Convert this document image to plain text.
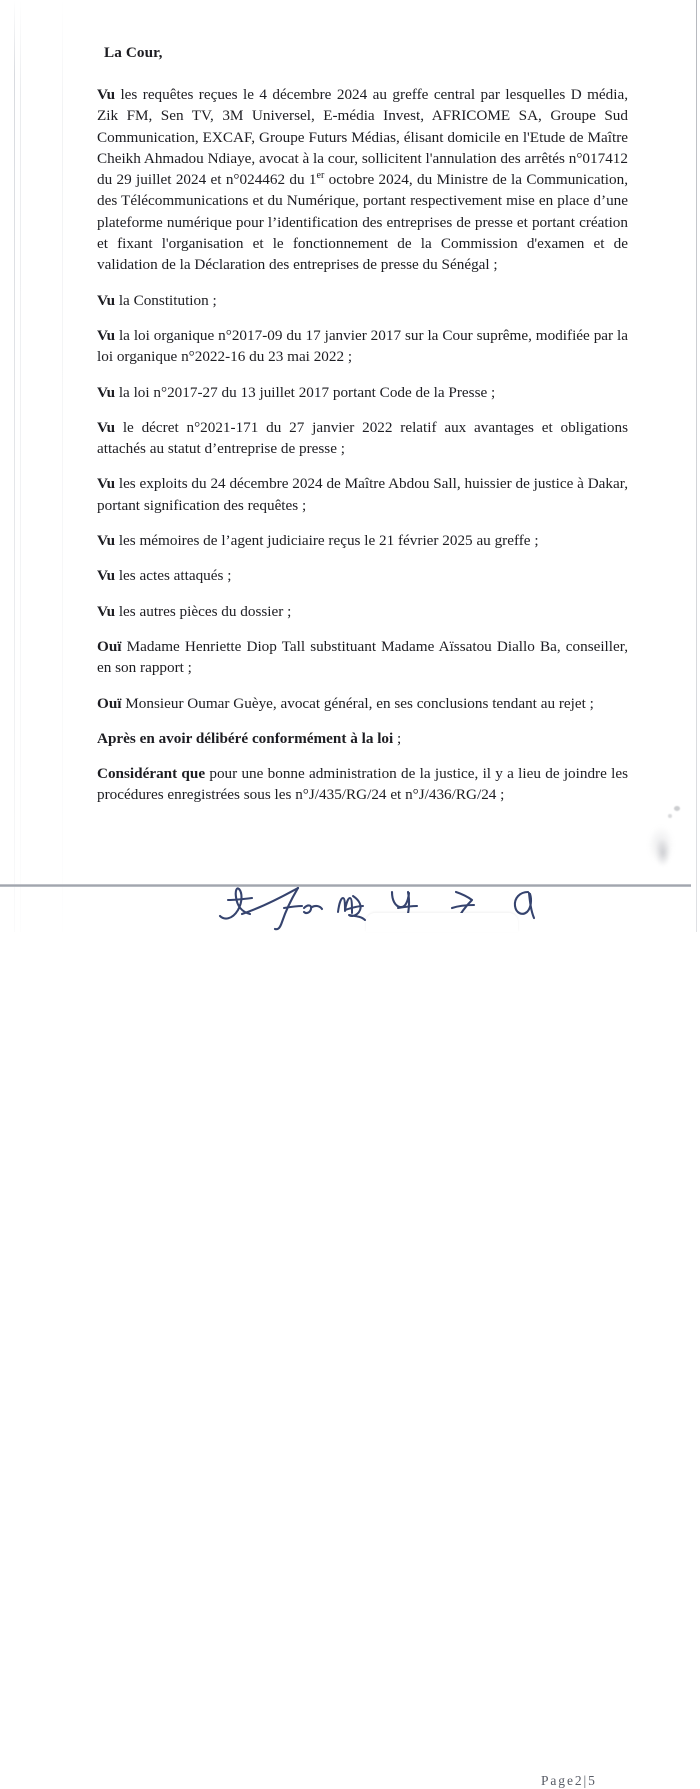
La Cour,

Vu les requêtes reçues le 4 décembre 2024 au greffe central par lesquelles D média, Zik FM, Sen TV, 3M Universel, E-média Invest, AFRICOME SA, Groupe Sud Communication, EXCAF, Groupe Futurs Médias, élisant domicile en l'Etude de Maître Cheikh Ahmadou Ndiaye, avocat à la cour, sollicitent l'annulation des arrêtés n°017412 du 29 juillet 2024 et n°024462 du 1er octobre 2024, du Ministre de la Communication, des Télécommunications et du Numérique, portant respectivement mise en place d’une plateforme numérique pour l’identification des entreprises de presse et portant création et fixant l'organisation et le fonctionnement de la Commission d'examen et de validation de la Déclaration des entreprises de presse du Sénégal ;

Vu la Constitution ;

Vu la loi organique n°2017-09 du 17 janvier 2017 sur la Cour suprême, modifiée par la loi organique n°2022-16 du 23 mai 2022 ;

Vu la loi n°2017-27 du 13 juillet 2017 portant Code de la Presse ;

Vu le décret n°2021-171 du 27 janvier 2022 relatif aux avantages et obligations attachés au statut d’entreprise de presse ;

Vu les exploits du 24 décembre 2024 de Maître Abdou Sall, huissier de justice à Dakar, portant signification des requêtes ;

Vu les mémoires de l’agent judiciaire reçus le 21 février 2025 au greffe ;

Vu les actes attaqués ;

Vu les autres pièces du dossier ;

Ouï Madame Henriette Diop Tall substituant Madame Aïssatou Diallo Ba, conseiller, en son rapport ;

Ouï Monsieur Oumar Guèye, avocat général, en ses conclusions tendant au rejet ;

Après en avoir délibéré conformément à la loi ;

Considérant que pour une bonne administration de la justice, il y a lieu de joindre les procédures enregistrées sous les n°J/435/RG/24 et n°J/436/RG/24 ;

Page2|5
